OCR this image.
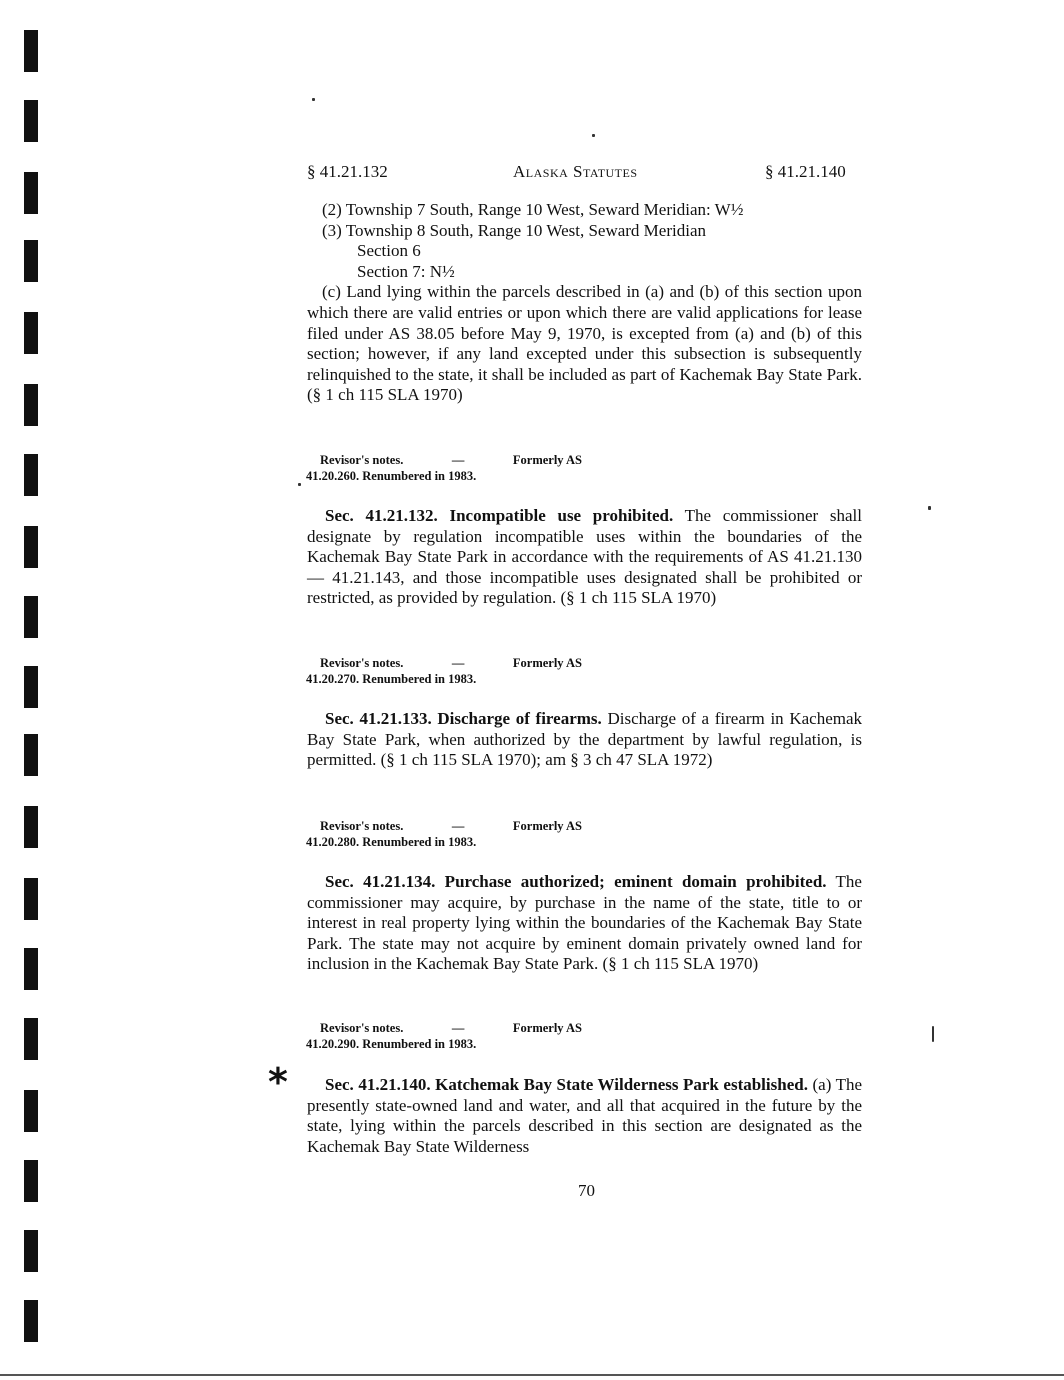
§ 41.21.132	Alaska Statutes	§ 41.21.140

(2) Township 7 South, Range 10 West, Seward Meridian: W½

(3) Township 8 South, Range 10 West, Seward Meridian

Section 6

Section 7: N½

(c) Land lying within the parcels described in (a) and (b) of this section upon which there are valid entries or upon which there are valid applications for lease filed under AS 38.05 before May 9, 1970, is excepted from (a) and (b) of this section; however, if any land excepted under this subsection is subsequently relinquished to the state, it shall be included as part of Kachemak Bay State Park. (§ 1 ch 115 SLA 1970)

Revisor's notes.	—	Formerly AS
41.20.260. Renumbered in 1983.

Sec. 41.21.132. Incompatible use prohibited. The commissioner shall designate by regulation incompatible uses within the boundaries of the Kachemak Bay State Park in accordance with the requirements of AS 41.21.130 — 41.21.143, and those incompatible uses designated shall be prohibited or restricted, as provided by regulation. (§ 1 ch 115 SLA 1970)

Revisor's notes.	—	Formerly AS
41.20.270. Renumbered in 1983.

Sec. 41.21.133. Discharge of firearms. Discharge of a firearm in Kachemak Bay State Park, when authorized by the department by lawful regulation, is permitted. (§ 1 ch 115 SLA 1970); am § 3 ch 47 SLA 1972)

Revisor's notes.	—	Formerly AS
41.20.280. Renumbered in 1983.

Sec. 41.21.134. Purchase authorized; eminent domain prohibited. The commissioner may acquire, by purchase in the name of the state, title to or interest in real property lying within the boundaries of the Kachemak Bay State Park. The state may not acquire by eminent domain privately owned land for inclusion in the Kachemak Bay State Park. (§ 1 ch 115 SLA 1970)

Revisor's notes.	—	Formerly AS
41.20.290. Renumbered in 1983.
*	Sec. 41.21.140. Katchemak Bay State Wilderness Park established. (a) The presently state-owned land and water, and all that acquired in the future by the state, lying within the parcels described in this section are designated as the Kachemak Bay State Wilderness

70
